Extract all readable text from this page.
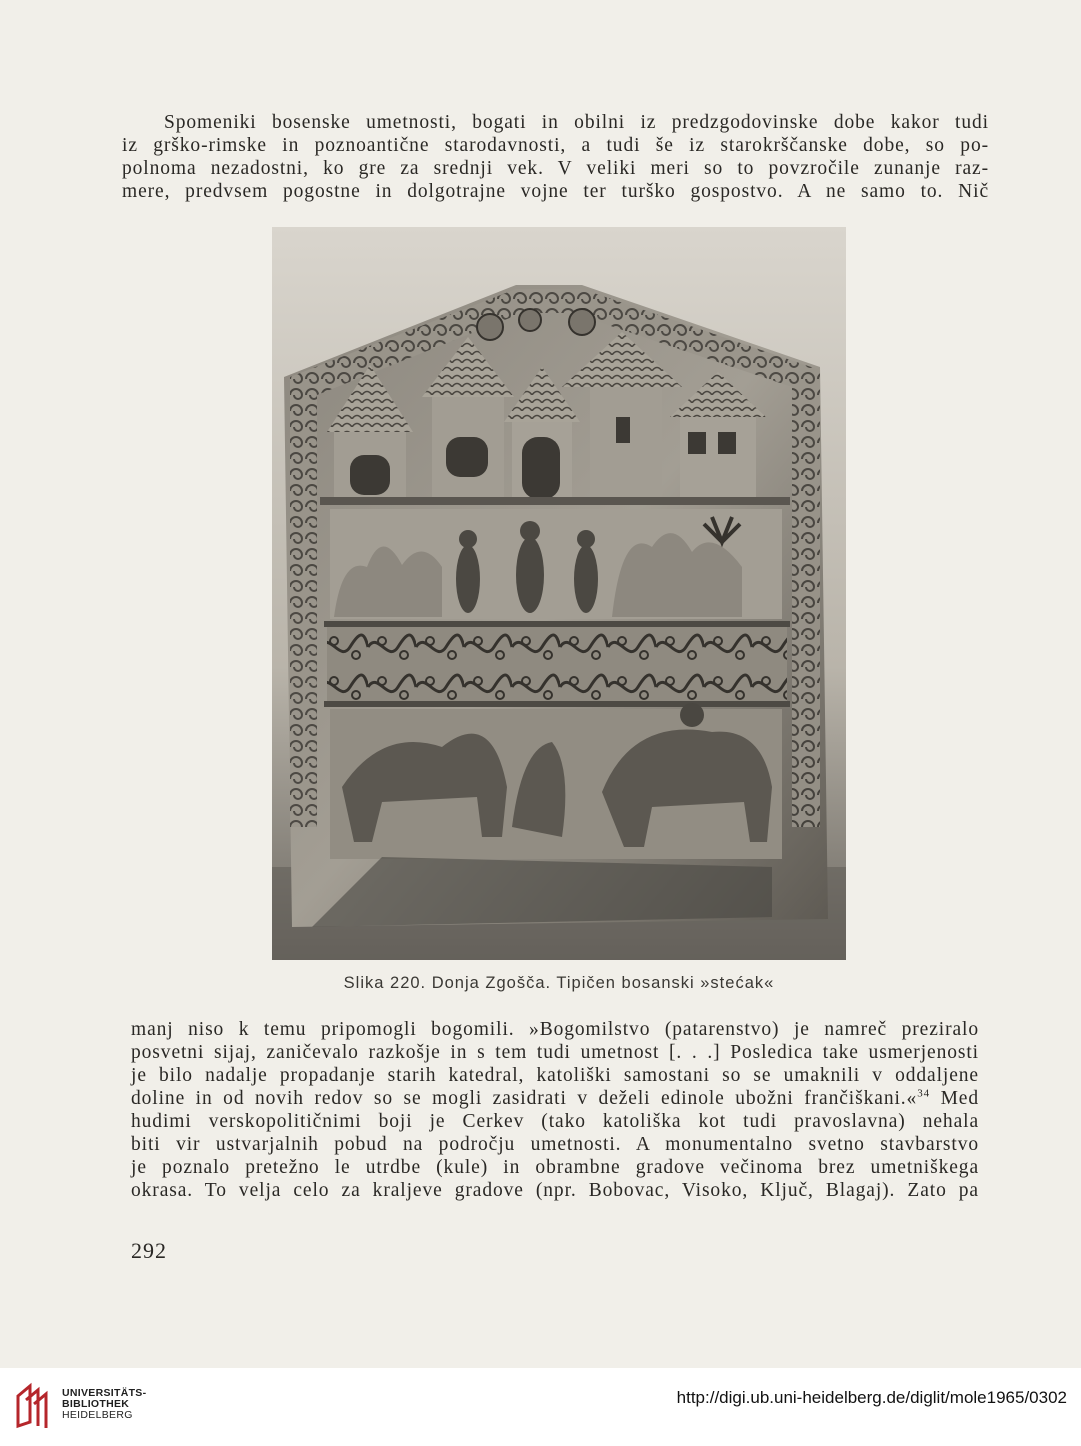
Spomeniki bosenske umetnosti, bogati in obilni iz predzgodovinske dobe kakor tudi
iz grško-rimske in poznoantične starodavnosti, a tudi še iz starokrščanske dobe, so po-
polnoma nezadostni, ko gre za srednji vek. V veliki meri so to povzročile zunanje raz-
mere, predvsem pogostne in dolgotrajne vojne ter turško gospostvo. A ne samo to. Nič
Slika 220. Donja Zgošča. Tipičen bosanski »stećak«
manj niso k temu pripomogli bogomili. »Bogomilstvo (patarenstvo) je namreč preziralo
posvetni sijaj, zaničevalo razkošje in s tem tudi umetnost [. . .] Posledica take usmerjenosti
je bilo nadalje propadanje starih katedral, katoliški samostani so se umaknili v oddaljene
doline in od novih redov so se mogli zasidrati v deželi edinole ubožni frančiškani.«$^{34}$ Med
hudimi verskopolitičnimi boji je Cerkev (tako katoliška kot tudi pravoslavna) nehala
biti vir ustvarjalnih pobud na področju umetnosti. A monumentalno svetno stavbarstvo
je poznalo pretežno le utrdbe (kule) in obrambne gradove večinoma brez umetniškega
okrasa. To velja celo za kraljeve gradove (npr. Bobovac, Visoko, Ključ, Blagaj). Zato pa
292
UNIVERSITÄTS-
BIBLIOTHEK
HEIDELBERG
http://digi.ub.uni-heidelberg.de/diglit/mole1965/0302
